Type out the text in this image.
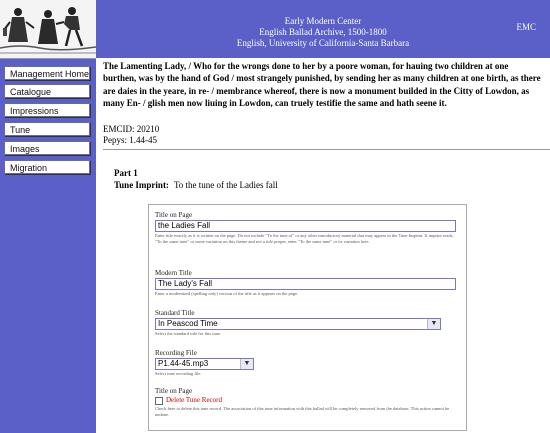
Management Home
Catalogue
Impressions
Tune
Images
Migration
Early Modern Center
English Ballad Archive, 1500-1800
English, University of California-Santa Barbara
EMC

The Lamenting Lady, / Who for the wrongs done to her by a poore woman, for hauing two children at one burthen, was by the hand of God / most strangely punished, by sending her as many children at one birth, as there are daies in the yeare, in re- / membrance whereof, there is now a monument builded in the Citty of Lowdon, as many En- / glish men now liuing in Lowdon, can truely testifie the same and hath seene it.

EMCID: 20210
Pepys: 1.44-45
Part 1
Tune Imprint: To the tune of the Ladies fall

Title on Page

the Ladies Fall

Enter title exactly as it is written on the page. Do not include "To the tune of" or any other introductory material that may appear in the Tune Imprint. If imprint reads, "To the same tune" or some variation on this theme and not a title proper, enter "To the same tune" or its variation here.

Modern Title

The Lady's Fall

Enter a modernized (spelling only) version of the title as it appears on the page.

Standard Title

In Peascod Time	▼

Select the standard title for this tune.

Recording File

P1.44-45.mp3	▼

Select tune recording file.

Title on Page

Delete Tune Record

Check here to delete this tune record. The association of this tune information with this ballad will be completely removed from the database. This action cannot be undone.
